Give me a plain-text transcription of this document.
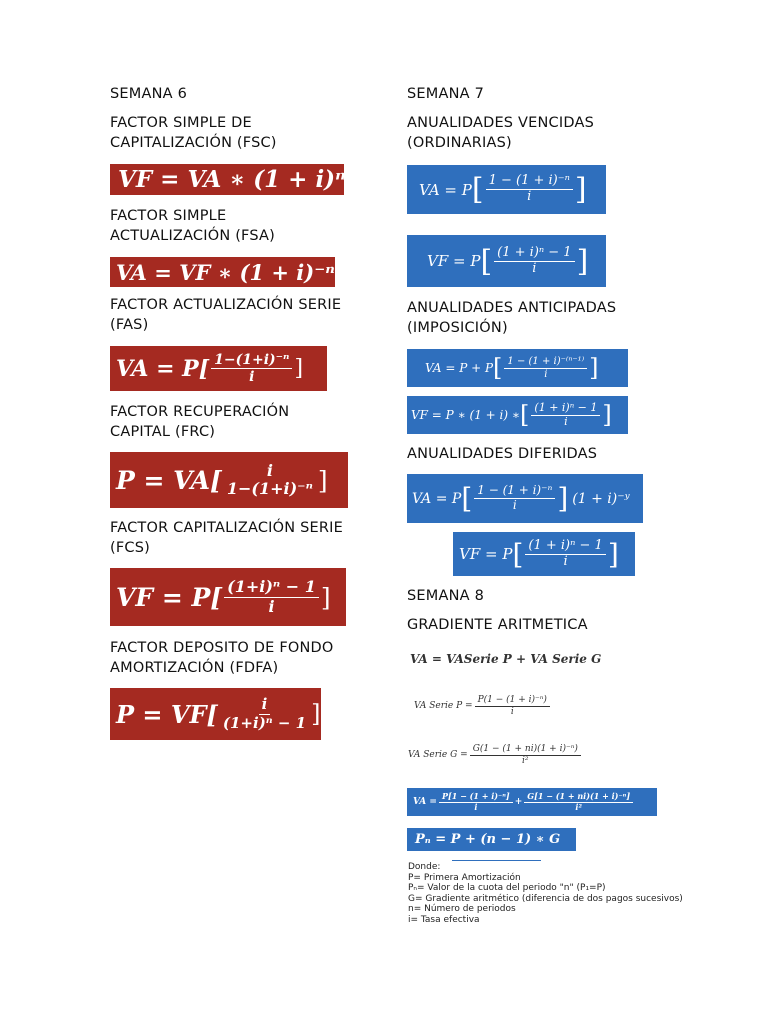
SEMANA 6
FACTOR SIMPLE DE CAPITALIZACIÓN (FSC)
VF = VA ∗ (1 + i)ⁿ
FACTOR SIMPLE ACTUALIZACIÓN (FSA)
VA = VF ∗ (1 + i)⁻ⁿ
FACTOR ACTUALIZACIÓN SERIE (FAS)
VA = $P[ \frac{\text{1−(1+i)⁻ⁿ}}{i}$ ]
FACTOR RECUPERACIÓN CAPITAL (FRC)
P = VA[	i
1−(1+i)⁻ⁿ ]
FACTOR CAPITALIZACIÓN SERIE (FCS)
VF = $P[ \frac{\text{(1+i)ⁿ − 1}}{i}$ ]
FACTOR DEPOSITO DE FONDO AMORTIZACIÓN (FDFA)
$P = VF[ \frac{i}{\text{(1+i)ⁿ − 1}}$ ]
SEMANA 7
ANUALIDADES VENCIDAS (ORDINARIAS)
VA = P [ $\frac{\text{1 − (1 + i)⁻ⁿ}}{i}$ ]
VF = P [ $\frac{\text{(1 + i)ⁿ − 1}}{i}$ ]
ANUALIDADES ANTICIPADAS (IMPOSICIÓN)
VA = P + P [ $\frac{\text{1 − (1 + i)⁻⁽ⁿ⁻¹⁾}}{i}$ ]
VF = P ∗ (1 + i) ∗ [ $\frac{\text{(1 + i)ⁿ − 1}}{i}$ ]
ANUALIDADES DIFERIDAS
VA = P [ $\frac{\text{1 − (1 + i)⁻ⁿ}}{i}$ ] (1 + i)⁻ʸ
VF = P [ $\frac{\text{(1 + i)ⁿ − 1}}{i}$ ]
SEMANA 8
GRADIENTE ARITMETICA
VA = VASerie P + VA Serie G
VA Serie $P = \frac{\text{P(1 − (1 + i)⁻ⁿ)}}{i}$
VA Serie $G = \frac{\text{G(1 − (1 + ni)(1 + i)⁻ⁿ)}}{\text{i²}}$
VA = $\frac{\text{P[1 − (1 + i)⁻ⁿ]}}{i} + \frac{\text{G[1 − (1 + ni)(1 + i)⁻ⁿ]}}{\text{i²}}$
Pₙ = P + (n − 1) ∗ G
Donde:
P= Primera Amortización
Pₙ= Valor de la cuota del periodo "n" (P₁=P)
G= Gradiente aritmético (diferencia de dos pagos sucesivos)
n= Número de periodos
i= Tasa efectiva
